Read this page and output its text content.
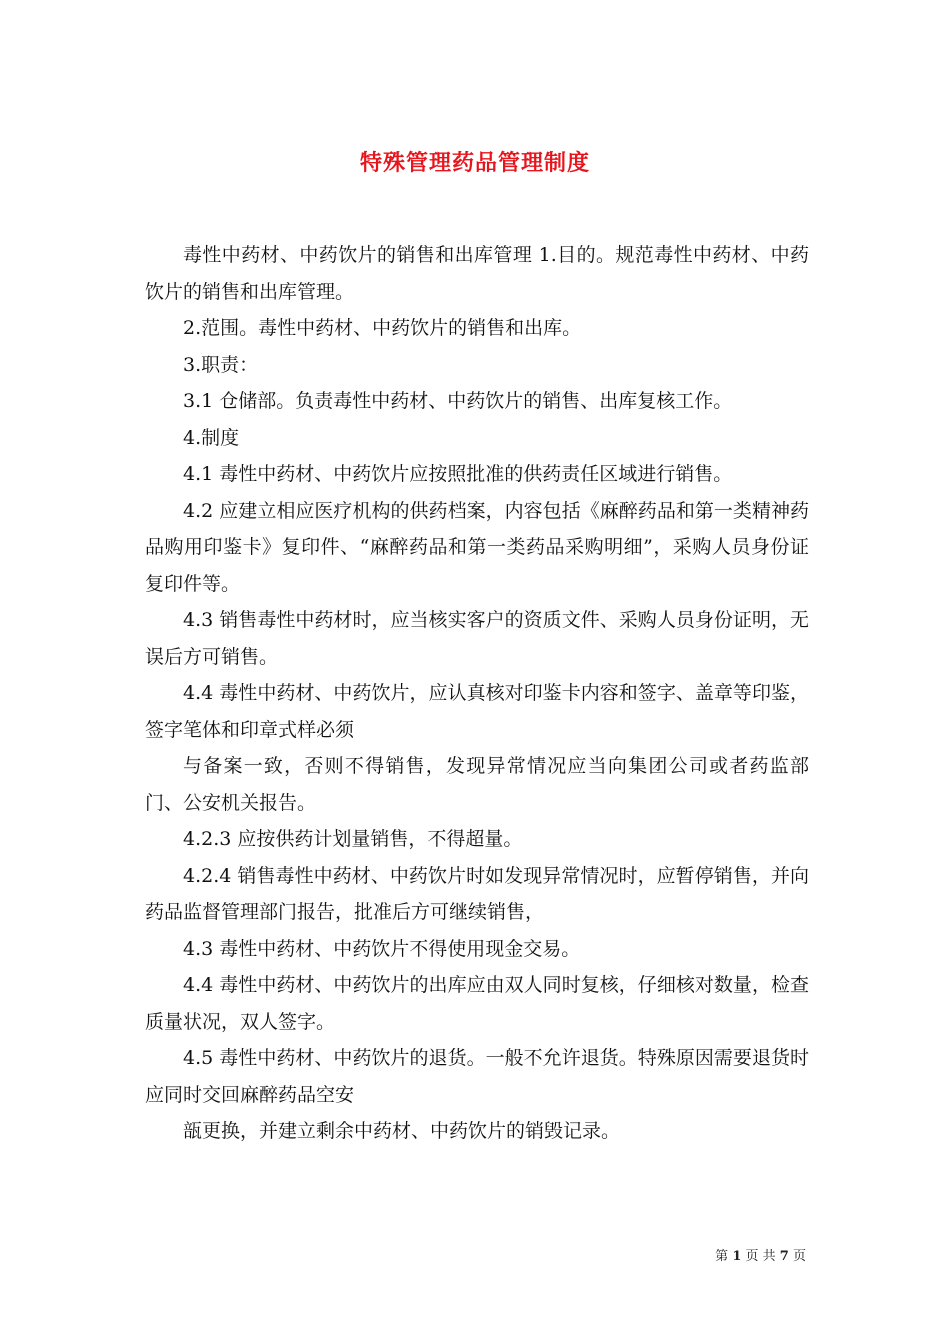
特殊管理药品管理制度

毒性中药材、中药饮片的销售和出库管理 1.目的。规范毒性中药材、中药饮片的销售和出库管理。

2.范围。毒性中药材、中药饮片的销售和出库。

3.职责：

3.1 仓储部。负责毒性中药材、中药饮片的销售、出库复核工作。

4.制度

4.1 毒性中药材、中药饮片应按照批准的供药责任区域进行销售。

4.2 应建立相应医疗机构的供药档案，内容包括《麻醉药品和第一类精神药品购用印鉴卡》复印件、“麻醉药品和第一类药品采购明细”，采购人员身份证复印件等。

4.3 销售毒性中药材时，应当核实客户的资质文件、采购人员身份证明，无误后方可销售。

4.4 毒性中药材、中药饮片，应认真核对印鉴卡内容和签字、盖章等印鉴，签字笔体和印章式样必须

与备案一致，否则不得销售，发现异常情况应当向集团公司或者药监部门、公安机关报告。

4.2.3 应按供药计划量销售，不得超量。

4.2.4 销售毒性中药材、中药饮片时如发现异常情况时，应暂停销售，并向药品监督管理部门报告，批准后方可继续销售，

4.3 毒性中药材、中药饮片不得使用现金交易。

4.4 毒性中药材、中药饮片的出库应由双人同时复核，仔细核对数量，检查质量状况，双人签字。

4.5 毒性中药材、中药饮片的退货。一般不允许退货。特殊原因需要退货时应同时交回麻醉药品空安

瓿更换，并建立剩余中药材、中药饮片的销毁记录。

第 1 页 共 7 页
